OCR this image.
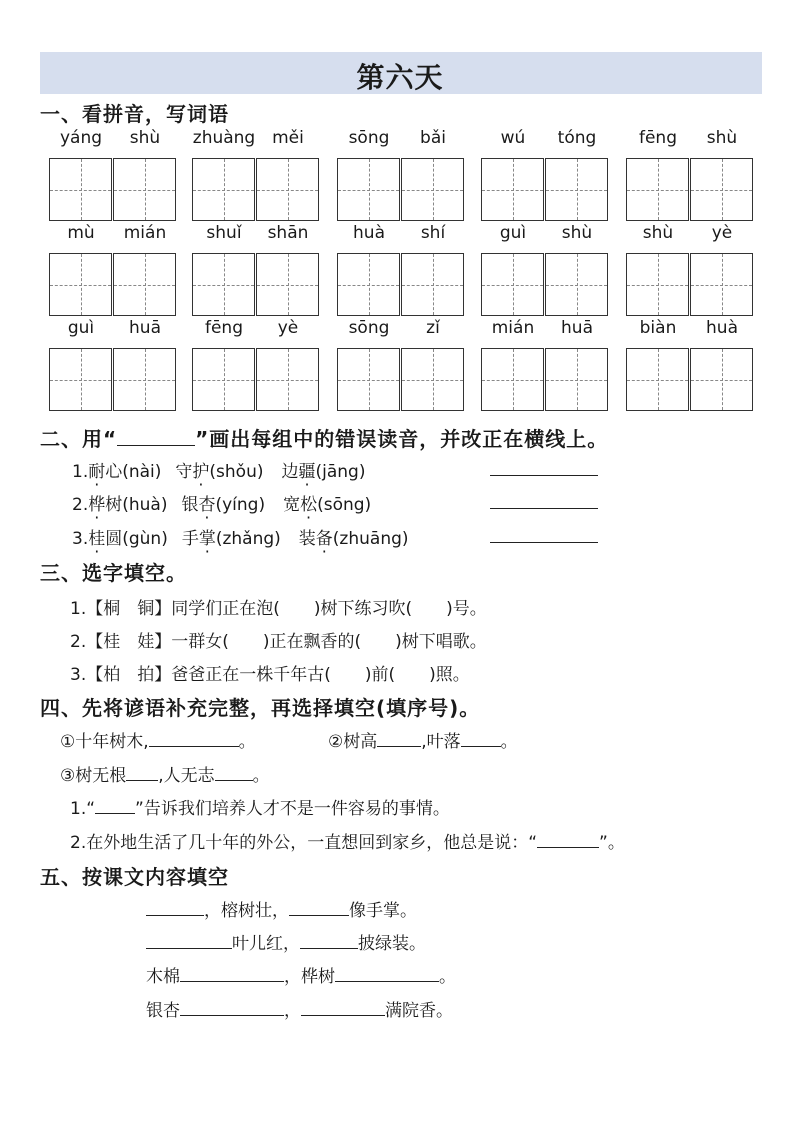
第六天
一、看拼音，写词语
yáng	shù	zhuàng měi	sōng	bǎi	wú	tóng	fēng	shù
mù	mián	shuǐ	shān	huà	shí	guì	shù	shù	yè
guì	huā	fēng	yè	sōng	zǐ	mián	huā	biàn	huà
二、用“	”画出每组中的错误读音，并改正在横线上。
1.耐心(nài) 守护(shǒu) 边疆(jāng)
2.桦树(huà) 银杏(yíng) 宽松(sōng)
3.桂圆(gùn) 手掌(zhǎng) 装备(zhuāng)
三、选字填空。
1.【桐　铜】同学们正在泡(　　)树下练习吹(　　)号。
2.【桂　娃】一群女(　　)正在飘香的(　　)树下唱歌。
3.【柏　拍】爸爸正在一株千年古(　　)前(　　)照。
四、先将谚语补充完整，再选择填空(填序号)。
①十年树木,	。	②树高	,叶落 。
③树无根 ,人无志 。
1.“ ”告诉我们培养人才不是一件容易的事情。
2.在外地生活了几十年的外公，一直想回到家乡，他总是说：“	”。
五、按课文内容填空
，榕树壮，	像手掌。
叶儿红，	披绿装。
木棉	，桦树	。
银杏	，	满院香。
